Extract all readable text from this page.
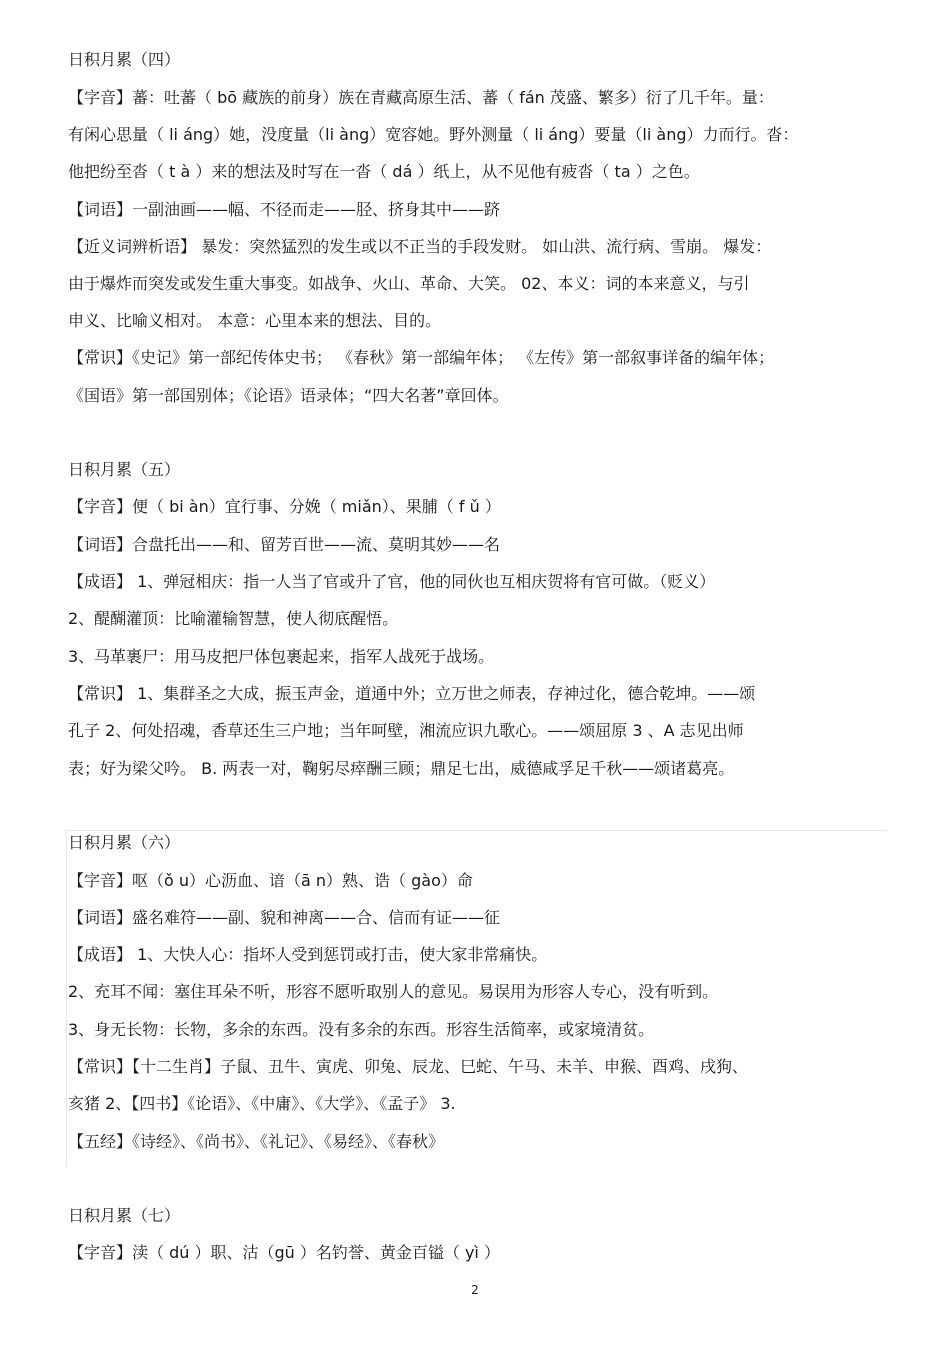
日积月累（四）
【字音】蕃：吐蕃（ bō 藏族的前身）族在青藏高原生活、蕃（ fán 茂盛、繁多）衍了几千年。量：
有闲心思量（ li áng）她，没度量（li àng）宽容她。野外测量（ li áng）要量（li àng）力而行。沓：
他把纷至沓（ t à ）来的想法及时写在一沓（ dá ）纸上，从不见他有疲沓（ ta ）之色。
【词语】一副油画——幅、不径而走——胫、挤身其中——跻
【近义词辨析语】 暴发：突然猛烈的发生或以不正当的手段发财。 如山洪、流行病、雪崩。 爆发：
由于爆炸而突发或发生重大事变。如战争、火山、革命、大笑。 02、本义：词的本来意义，与引
申义、比喻义相对。 本意：心里本来的想法、目的。
【常识】《史记》第一部纪传体史书； 《春秋》第一部编年体； 《左传》第一部叙事详备的编年体；
《国语》第一部国别体；《论语》语录体；“四大名著”章回体。
日积月累（五）
【字音】便（ bi àn）宜行事、分娩（ miǎn）、果脯（ f ǔ ）
【词语】合盘托出——和、留芳百世——流、莫明其妙——名
【成语】 1、弹冠相庆：指一人当了官或升了官，他的同伙也互相庆贺将有官可做。（贬义）
2、醍醐灌顶：比喻灌输智慧，使人彻底醒悟。
3、马革裹尸：用马皮把尸体包裹起来，指军人战死于战场。
【常识】 1、集群圣之大成，振玉声金，道通中外；立万世之师表，存神过化，德合乾坤。——颂
孔子 2、何处招魂，香草还生三户地；当年呵壁，湘流应识九歌心。——颂屈原 3 、A 志见出师
表；好为梁父吟。 B. 两表一对，鞠躬尽瘁酬三顾；鼎足七出，威德咸孚足千秋——颂诸葛亮。
日积月累（六）
【字音】呕（ǒ u）心沥血、谙（ā n）熟、诰（ gào）命
【词语】盛名难符——副、貌和神离——合、信而有证——征
【成语】 1、大快人心：指坏人受到惩罚或打击，使大家非常痛快。
2、充耳不闻：塞住耳朵不听，形容不愿听取别人的意见。易误用为形容人专心，没有听到。
3、身无长物：长物，多余的东西。没有多余的东西。形容生活简率，或家境清贫。
【常识】【十二生肖】子鼠、丑牛、寅虎、卯兔、辰龙、巳蛇、午马、未羊、申猴、酉鸡、戌狗、
亥猪 2、【四书】《论语》、《中庸》、《大学》、《孟子》 3.
【五经】《诗经》、《尚书》、《礼记》、《易经》、《春秋》
日积月累（七）
【字音】渎（ dú ）职、沽（gū ）名钓誉、黄金百镒（ yì ）
2
